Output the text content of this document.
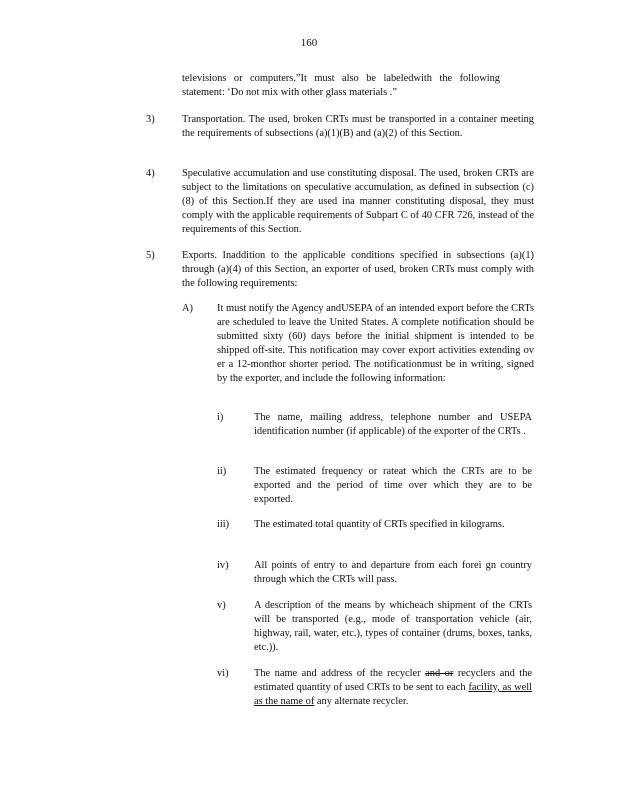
160
televisions or computers.”It must also be labeledwith the following statement: ‘Do not mix with other glass materials .”
3)	Transportation. The used, broken CRTs must be transported in a container meeting the requirements of subsections (a)(1)(B) and (a)(2) of this Section.
4)	Speculative accumulation and use constituting disposal. The used, broken CRTs are subject to the limitations on speculative accumulation, as defined in subsection (c)(8) of this Section.If they are used ina manner constituting disposal, they must comply with the applicable requirements of Subpart C of 40 CFR 726, instead of the requirements of this Section.
5)	Exports. Inaddition to the applicable conditions specified in subsections (a)(1) through (a)(4) of this Section, an exporter of used, broken CRTs must comply with the following requirements:
A) It must notify the Agency andUSEPA of an intended export before the CRTs are scheduled to leave the United States. A complete notification should be submitted sixty (60) days before the initial shipment is intended to be shipped off-site. This notification may cover export activities extending ov er a 12-monthor shorter period. The notificationmust be in writing, signed by the exporter, and include the following information:
i)	The name, mailing address, telephone number and USEPA identification number (if applicable) of the exporter of the CRTs .
ii)	The estimated frequency or rateat which the CRTs are to be exported and the period of time over which they are to be exported.
iii) The estimated total quantity of CRTs specified in kilograms.
iv) All points of entry to and departure from each forei gn country through which the CRTs will pass.
v)	A description of the means by whicheach shipment of the CRTs will be transported (e.g., mode of transportation vehicle (air, highway, rail, water, etc.), types of container (drums, boxes, tanks, etc.)).
vi) The name and address of the recycler and or recyclers and the estimated quantity of used CRTs to be sent to each facility, as well as the name of any alternate recycler.
